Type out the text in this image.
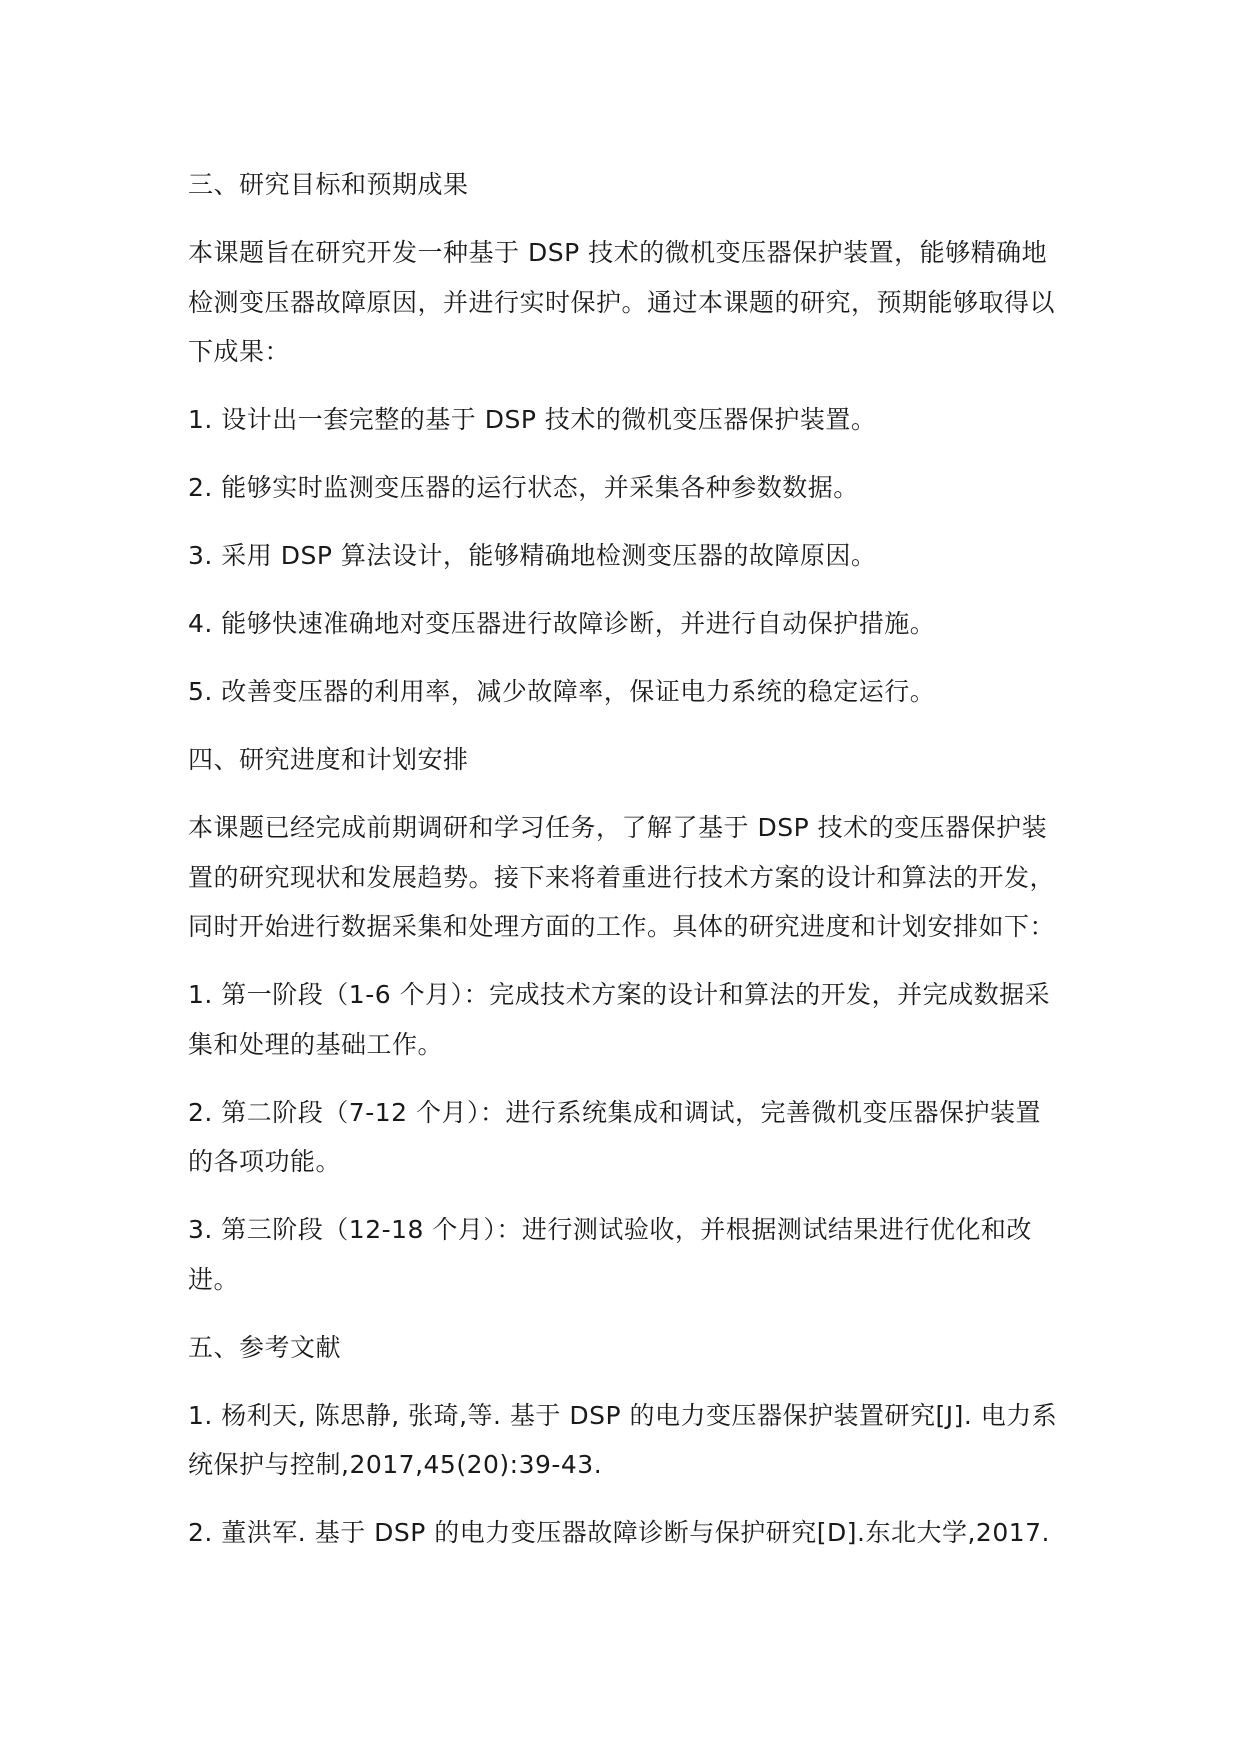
三、研究目标和预期成果

本课题旨在研究开发一种基于 DSP 技术的微机变压器保护装置，能够精确地检测变压器故障原因，并进行实时保护。通过本课题的研究，预期能够取得以下成果：

1. 设计出一套完整的基于 DSP 技术的微机变压器保护装置。

2. 能够实时监测变压器的运行状态，并采集各种参数数据。

3. 采用 DSP 算法设计，能够精确地检测变压器的故障原因。

4. 能够快速准确地对变压器进行故障诊断，并进行自动保护措施。

5. 改善变压器的利用率，减少故障率，保证电力系统的稳定运行。

四、研究进度和计划安排

本课题已经完成前期调研和学习任务，了解了基于 DSP 技术的变压器保护装置的研究现状和发展趋势。接下来将着重进行技术方案的设计和算法的开发，同时开始进行数据采集和处理方面的工作。具体的研究进度和计划安排如下：

1. 第一阶段（1-6 个月）：完成技术方案的设计和算法的开发，并完成数据采集和处理的基础工作。

2. 第二阶段（7-12 个月）：进行系统集成和调试，完善微机变压器保护装置的各项功能。

3. 第三阶段（12-18 个月）：进行测试验收，并根据测试结果进行优化和改进。

五、参考文献

1. 杨利天, 陈思静, 张琦,等. 基于 DSP 的电力变压器保护装置研究[J]. 电力系统保护与控制,2017,45(20):39-43.

2. 董洪军. 基于 DSP 的电力变压器故障诊断与保护研究[D].东北大学,2017.
